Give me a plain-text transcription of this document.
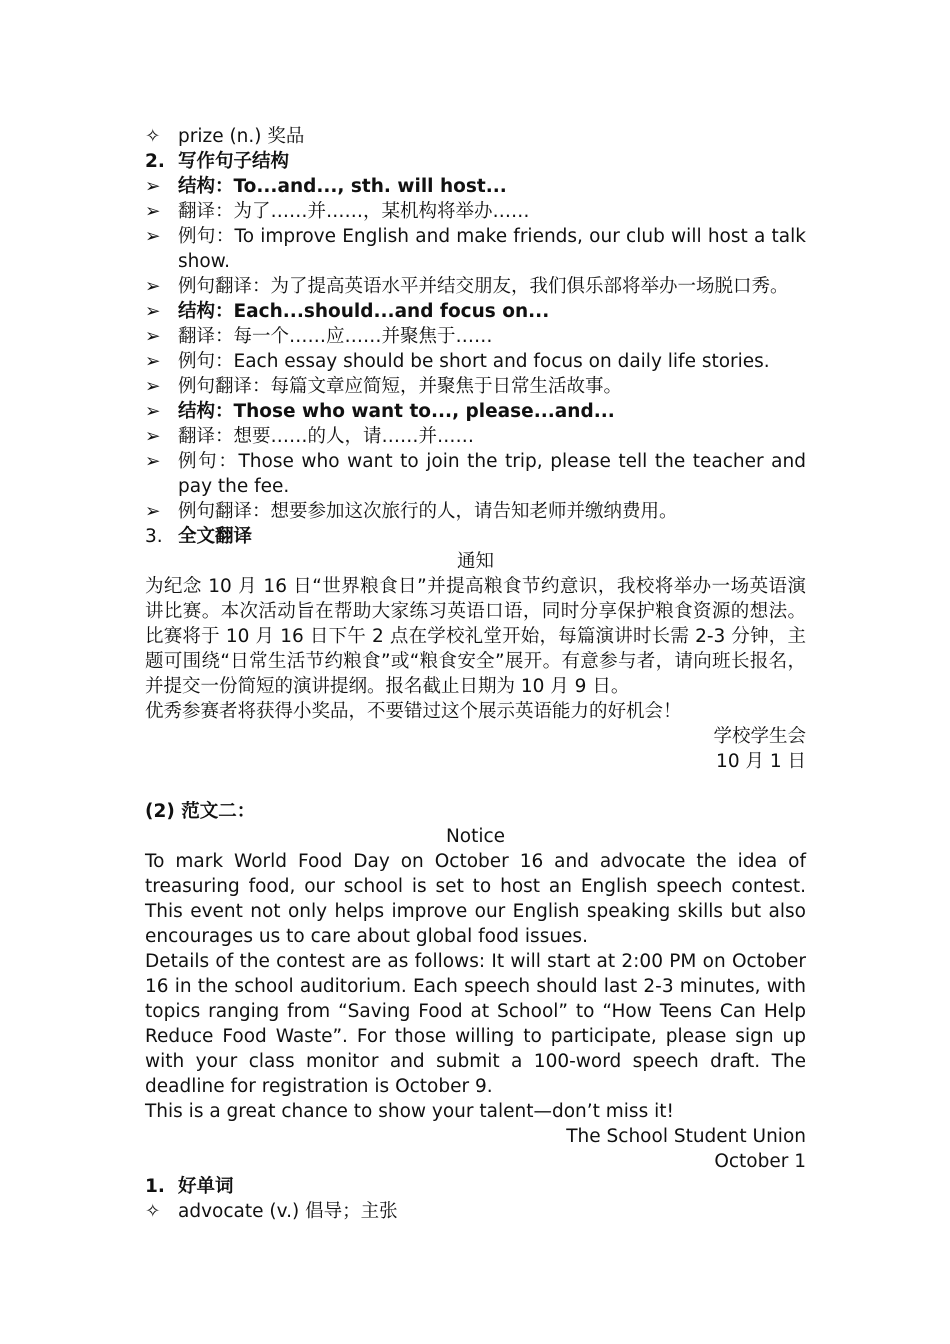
✧ prize (n.) 奖品
2. 写作句子结构
➢ 结构：To...and..., sth. will host...
➢ 翻译：为了……并……，某机构将举办……
➢ 例句：To improve English and make friends, our club will host a talk show.
➢ 例句翻译：为了提高英语水平并结交朋友，我们俱乐部将举办一场脱口秀。
➢ 结构：Each...should...and focus on...
➢ 翻译：每一个……应……并聚焦于……
➢ 例句：Each essay should be short and focus on daily life stories.
➢ 例句翻译：每篇文章应简短，并聚焦于日常生活故事。
➢ 结构：Those who want to..., please...and...
➢ 翻译：想要……的人，请……并……
➢ 例句：Those who want to join the trip, please tell the teacher and pay the fee.
➢ 例句翻译：想要参加这次旅行的人，请告知老师并缴纳费用。
3. 全文翻译
通知
为纪念 10 月 16 日“世界粮食日”并提高粮食节约意识，我校将举办一场英语演讲比赛。本次活动旨在帮助大家练习英语口语，同时分享保护粮食资源的想法。比赛将于 10 月 16 日下午 2 点在学校礼堂开始，每篇演讲时长需 2-3 分钟，主题可围绕“日常生活节约粮食”或“粮食安全”展开。有意参与者，请向班长报名，并提交一份简短的演讲提纲。报名截止日期为 10 月 9 日。
优秀参赛者将获得小奖品，不要错过这个展示英语能力的好机会！
学校学生会
10 月 1 日
(2) 范文二：
Notice
To mark World Food Day on October 16 and advocate the idea of treasuring food, our school is set to host an English speech contest. This event not only helps improve our English speaking skills but also encourages us to care about global food issues.
Details of the contest are as follows: It will start at 2:00 PM on October 16 in the school auditorium. Each speech should last 2-3 minutes, with topics ranging from “Saving Food at School” to “How Teens Can Help Reduce Food Waste”. For those willing to participate, please sign up with your class monitor and submit a 100-word speech draft. The deadline for registration is October 9.
This is a great chance to show your talent—don’t miss it!
The School Student Union
October 1
1. 好单词
✧ advocate (v.) 倡导；主张
